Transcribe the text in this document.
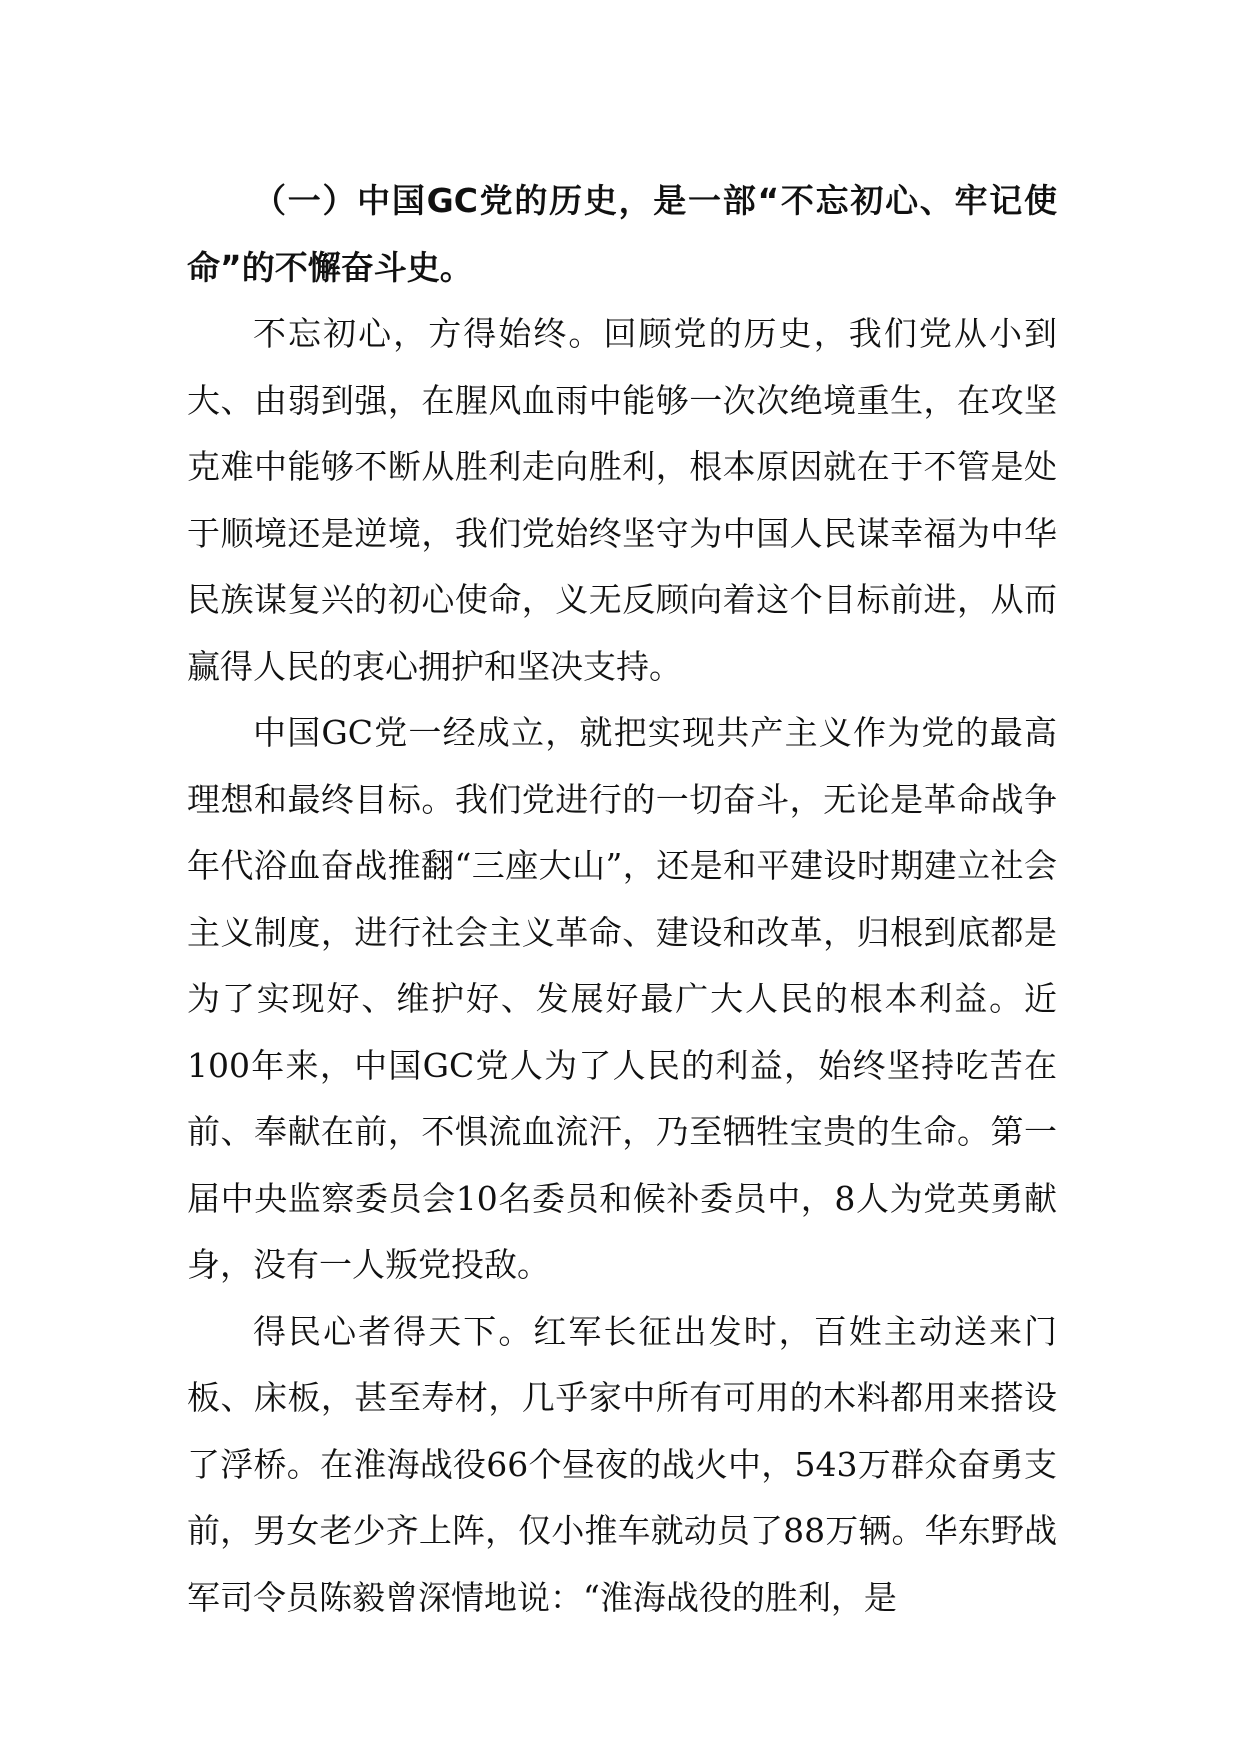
（一）中国GC党的历史，是一部“不忘初心、牢记使命”的不懈奋斗史。

不忘初心，方得始终。回顾党的历史，我们党从小到大、由弱到强，在腥风血雨中能够一次次绝境重生，在攻坚克难中能够不断从胜利走向胜利，根本原因就在于不管是处于顺境还是逆境，我们党始终坚守为中国人民谋幸福为中华民族谋复兴的初心使命，义无反顾向着这个目标前进，从而赢得人民的衷心拥护和坚决支持。

中国GC党一经成立，就把实现共产主义作为党的最高理想和最终目标。我们党进行的一切奋斗，无论是革命战争年代浴血奋战推翻“三座大山”，还是和平建设时期建立社会主义制度，进行社会主义革命、建设和改革，归根到底都是为了实现好、维护好、发展好最广大人民的根本利益。近100年来，中国GC党人为了人民的利益，始终坚持吃苦在前、奉献在前，不惧流血流汗，乃至牺牲宝贵的生命。第一届中央监察委员会10名委员和候补委员中，8人为党英勇献身，没有一人叛党投敌。

得民心者得天下。红军长征出发时，百姓主动送来门板、床板，甚至寿材，几乎家中所有可用的木料都用来搭设了浮桥。在淮海战役66个昼夜的战火中，543万群众奋勇支前，男女老少齐上阵，仅小推车就动员了88万辆。华东野战军司令员陈毅曾深情地说：“淮海战役的胜利，是
